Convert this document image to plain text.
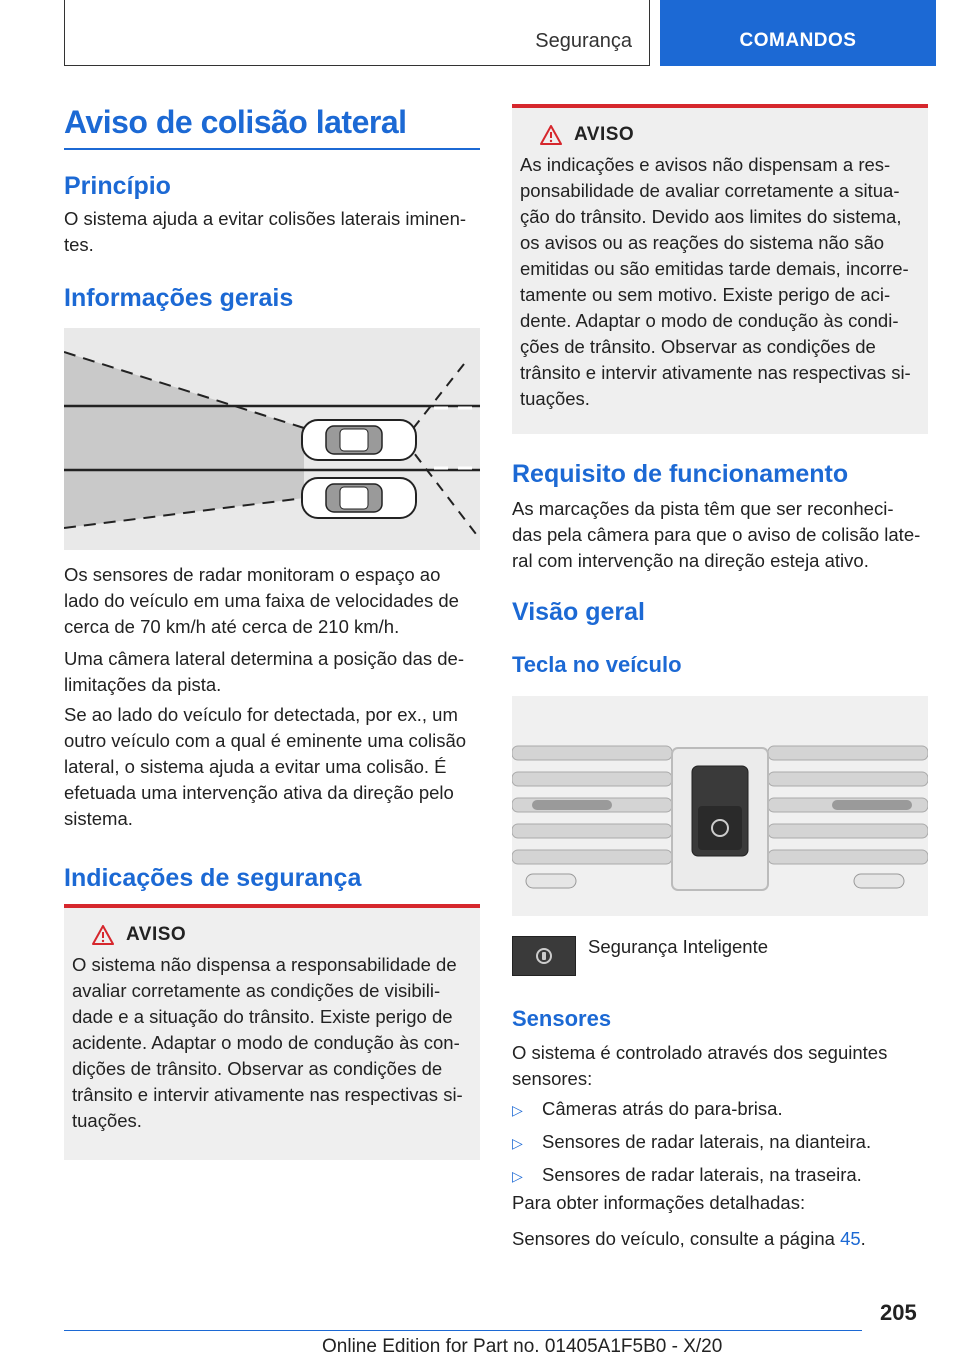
Segurança	COMANDOS
Aviso de colisão lateral
Princípio
O sistema ajuda a evitar colisões laterais iminen-
tes.
Informações gerais
Os sensores de radar monitoram o espaço ao
lado do veículo em uma faixa de velocidades de
cerca de 70 km/h até cerca de 210 km/h.
Uma câmera lateral determina a posição das de-
limitações da pista.
Se ao lado do veículo for detectada, por ex., um
outro veículo com a qual é eminente uma colisão
lateral, o sistema ajuda a evitar uma colisão. É
efetuada uma intervenção ativa da direção pelo
sistema.
Indicações de segurança
AVISO
O sistema não dispensa a responsabilidade de
avaliar corretamente as condições de visibili-
dade e a situação do trânsito. Existe perigo de
acidente. Adaptar o modo de condução às con-
dições de trânsito. Observar as condições de
trânsito e intervir ativamente nas respectivas si-
tuações.
AVISO
As indicações e avisos não dispensam a res-
ponsabilidade de avaliar corretamente a situa-
ção do trânsito. Devido aos limites do sistema,
os avisos ou as reações do sistema não são
emitidas ou são emitidas tarde demais, incorre-
tamente ou sem motivo. Existe perigo de aci-
dente. Adaptar o modo de condução às condi-
ções de trânsito. Observar as condições de
trânsito e intervir ativamente nas respectivas si-
tuações.
Requisito de funcionamento
As marcações da pista têm que ser reconheci-
das pela câmera para que o aviso de colisão late-
ral com intervenção na direção esteja ativo.
Visão geral
Tecla no veículo
Segurança Inteligente
Sensores
O sistema é controlado através dos seguintes
sensores:
▷ Câmeras atrás do para-brisa.
▷ Sensores de radar laterais, na dianteira.
▷ Sensores de radar laterais, na traseira.
Para obter informações detalhadas:
Sensores do veículo, consulte a página 45.
205
Online Edition for Part no. 01405A1F5B0 - X/20
